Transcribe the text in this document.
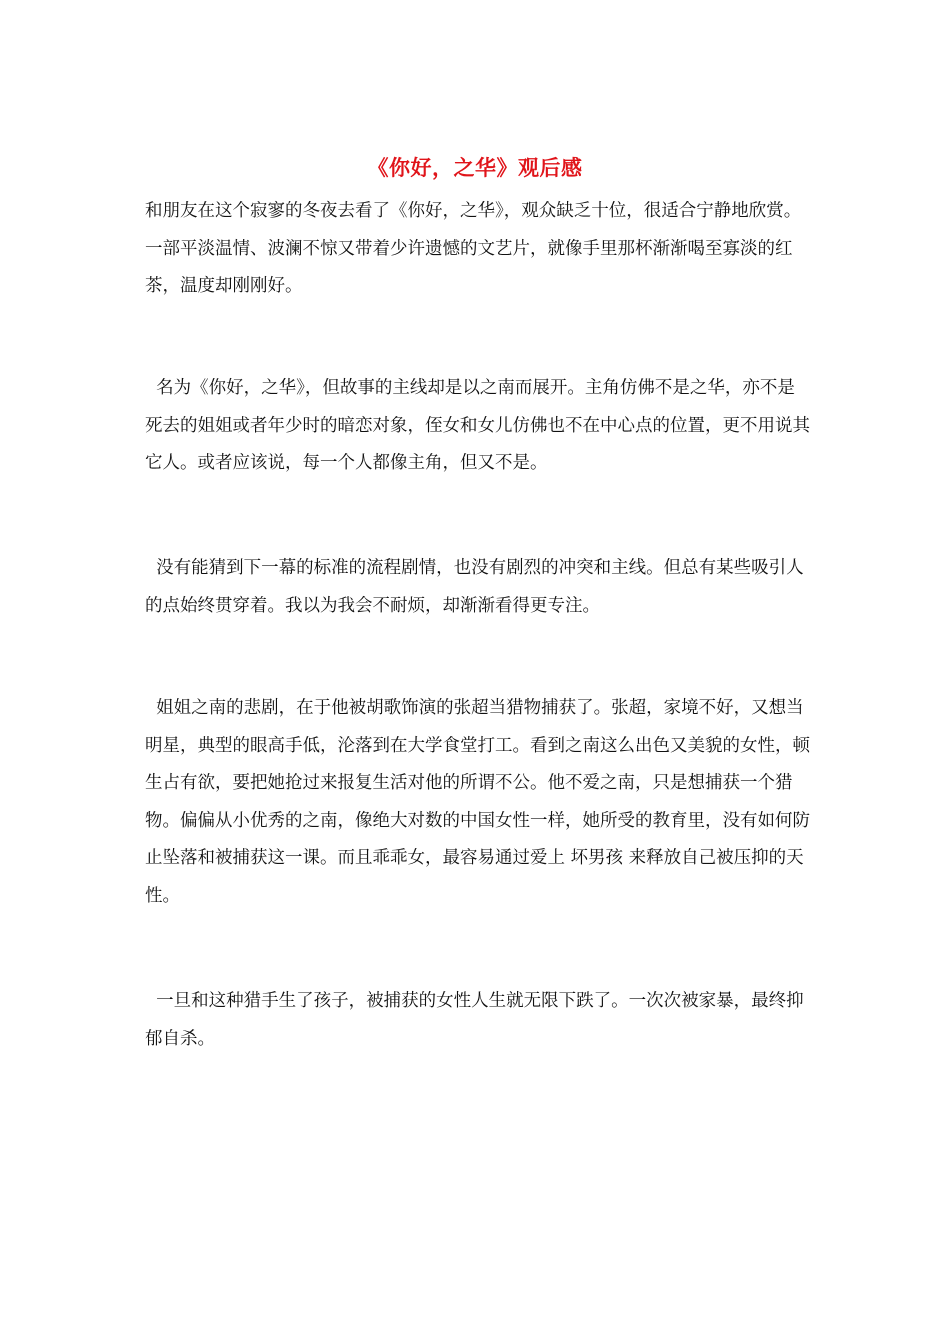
《你好，之华》观后感

和朋友在这个寂寥的冬夜去看了《你好，之华》，观众缺乏十位，很适合宁静地欣赏。一部平淡温情、波澜不惊又带着少许遗憾的文艺片，就像手里那杯渐渐喝至寡淡的红茶，温度却刚刚好。

名为《你好，之华》，但故事的主线却是以之南而展开。主角仿佛不是之华，亦不是死去的姐姐或者年少时的暗恋对象，侄女和女儿仿佛也不在中心点的位置，更不用说其它人。或者应该说，每一个人都像主角，但又不是。

没有能猜到下一幕的标准的流程剧情，也没有剧烈的冲突和主线。但总有某些吸引人的点始终贯穿着。我以为我会不耐烦，却渐渐看得更专注。

姐姐之南的悲剧，在于他被胡歌饰演的张超当猎物捕获了。张超，家境不好，又想当明星，典型的眼高手低，沦落到在大学食堂打工。看到之南这么出色又美貌的女性，顿生占有欲，要把她抢过来报复生活对他的所谓不公。他不爱之南，只是想捕获一个猎物。偏偏从小优秀的之南，像绝大对数的中国女性一样，她所受的教育里，没有如何防止坠落和被捕获这一课。而且乖乖女，最容易通过爱上 坏男孩 来释放自己被压抑的天性。

一旦和这种猎手生了孩子，被捕获的女性人生就无限下跌了。一次次被家暴，最终抑郁自杀。
